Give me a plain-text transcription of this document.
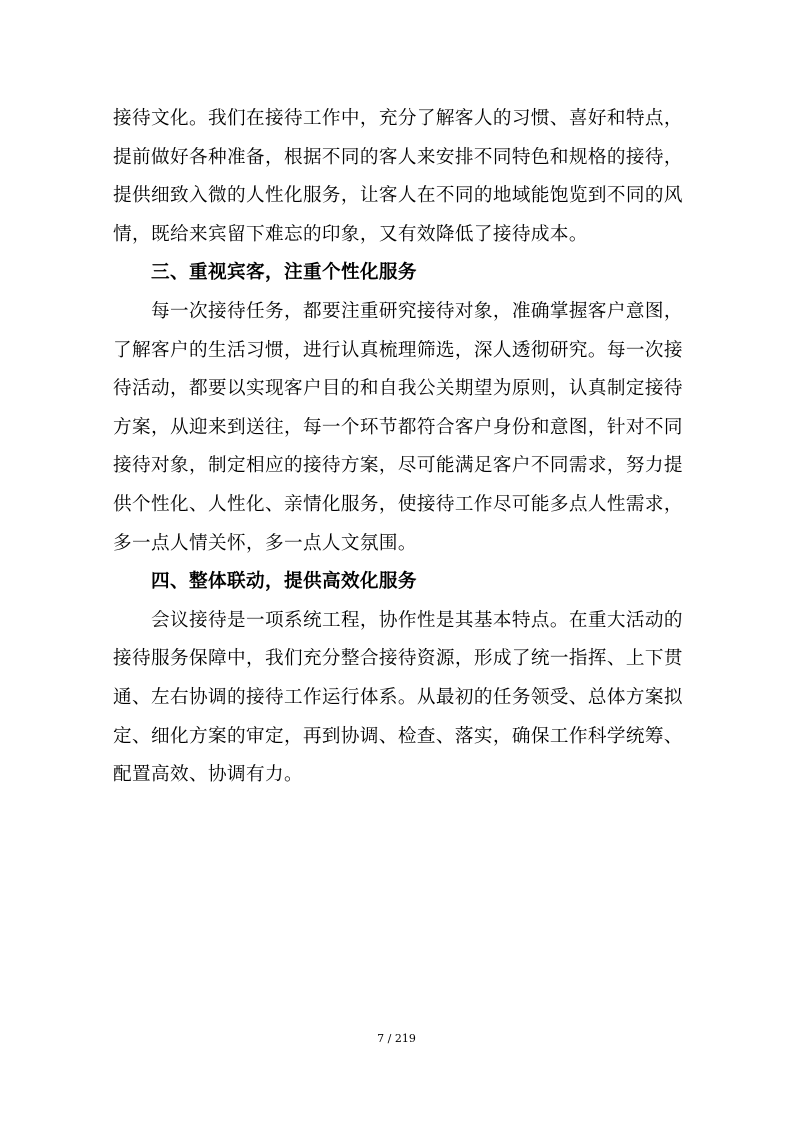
接待文化。我们在接待工作中，充分了解客人的习惯、喜好和特点，
提前做好各种准备，根据不同的客人来安排不同特色和规格的接待，
提供细致入微的人性化服务，让客人在不同的地域能饱览到不同的风
情，既给来宾留下难忘的印象，又有效降低了接待成本。
三、重视宾客，注重个性化服务
每一次接待任务，都要注重研究接待对象，准确掌握客户意图，
了解客户的生活习惯，进行认真梳理筛选，深人透彻研究。每一次接
待活动，都要以实现客户目的和自我公关期望为原则，认真制定接待
方案，从迎来到送往，每一个环节都符合客户身份和意图，针对不同
接待对象，制定相应的接待方案，尽可能满足客户不同需求，努力提
供个性化、人性化、亲情化服务，使接待工作尽可能多点人性需求，
多一点人情关怀，多一点人文氛围。
四、整体联动，提供高效化服务
会议接待是一项系统工程，协作性是其基本特点。在重大活动的
接待服务保障中，我们充分整合接待资源，形成了统一指挥、上下贯
通、左右协调的接待工作运行体系。从最初的任务领受、总体方案拟
定、细化方案的审定，再到协调、检查、落实，确保工作科学统筹、
配置高效、协调有力。
7 / 219
